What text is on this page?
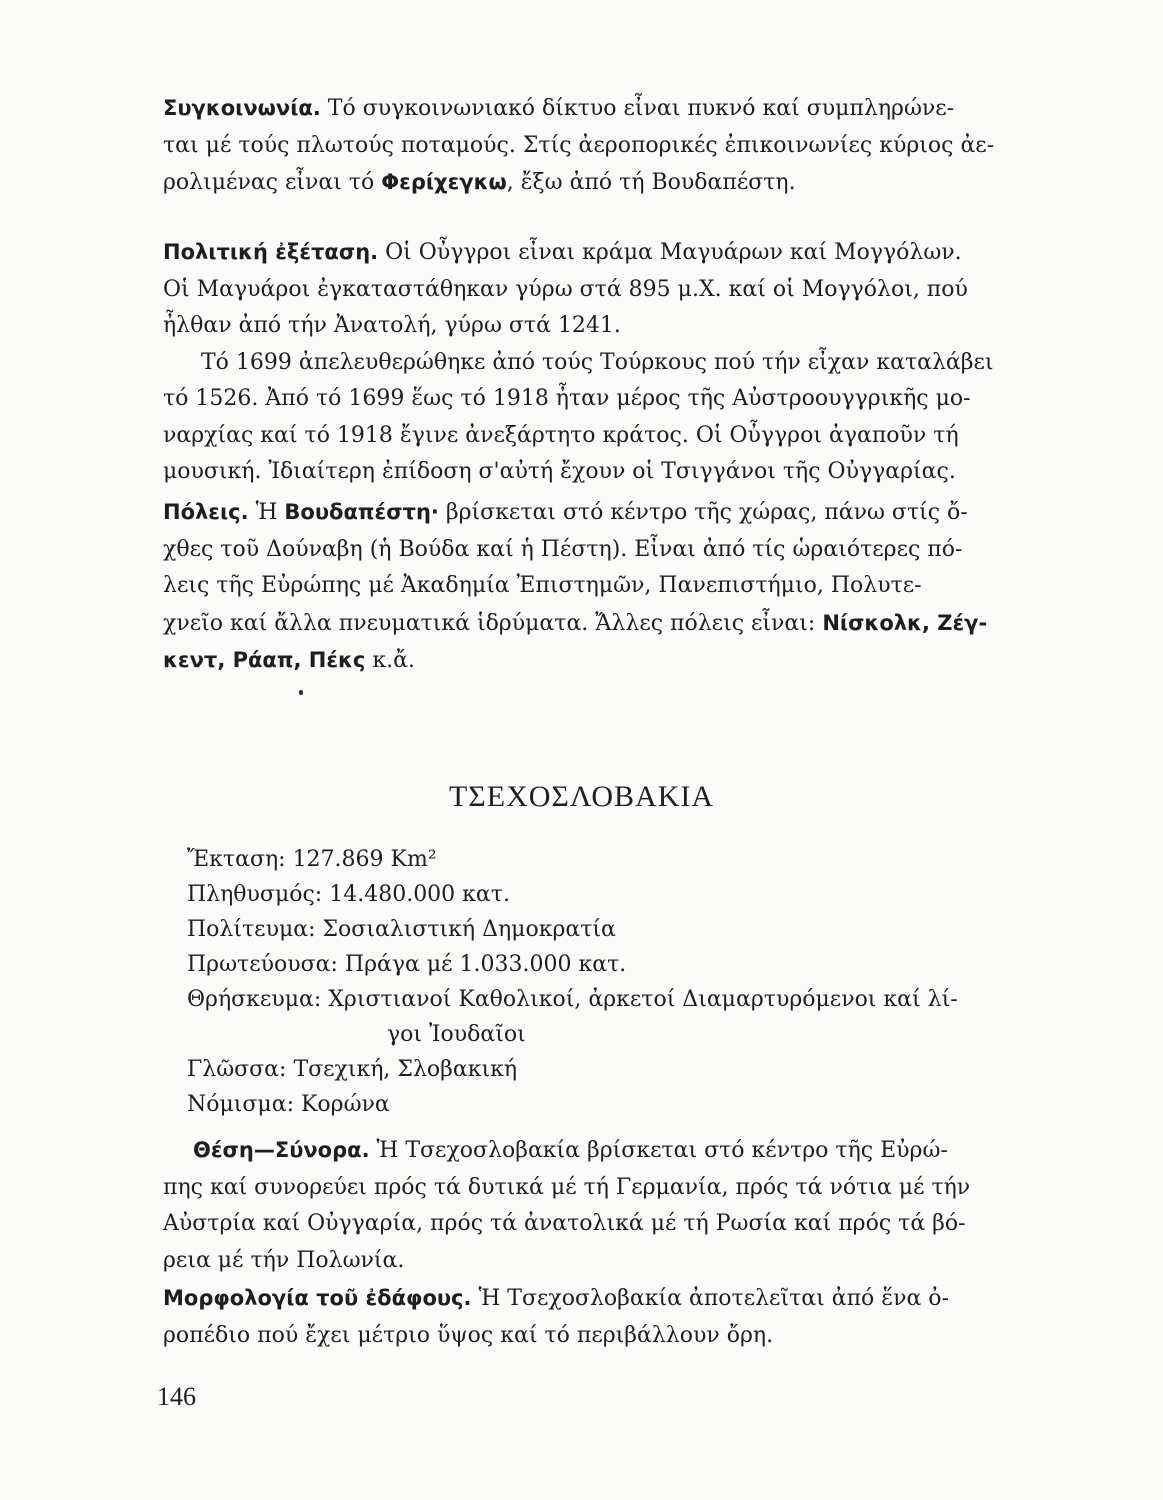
Συγκοινωνία. Τό συγκοινωνιακό δίκτυο εἶναι πυκνό καί συμπληρώνε-
ται μέ τούς πλωτούς ποταμούς. Στίς ἀεροπορικές ἐπικοινωνίες κύριος ἀε-
ρολιμένας εἶναι τό Φερίχεγκω, ἔξω ἀπό τή Βουδαπέστη.
Πολιτική ἐξέταση. Οἱ Οὖγγροι εἶναι κράμα Μαγυάρων καί Μογγόλων.
Οἱ Μαγυάροι ἐγκαταστάθηκαν γύρω στά 895 μ.Χ. καί οἱ Μογγόλοι, πού
ἦλθαν ἀπό τήν Ἀνατολή, γύρω στά 1241.
Τό 1699 ἀπελευθερώθηκε ἀπό τούς Τούρκους πού τήν εἶχαν καταλάβει
τό 1526. Ἀπό τό 1699 ἕως τό 1918 ἦταν μέρος τῆς Αὐστροουγγρικῆς μο-
ναρχίας καί τό 1918 ἔγινε ἀνεξάρτητο κράτος. Οἱ Οὖγγροι ἀγαποῦν τή
μουσική. Ἰδιαίτερη ἐπίδοση σ'αὐτή ἔχουν οἱ Τσιγγάνοι τῆς Οὐγγαρίας.
Πόλεις. Ἡ Βουδαπέστη· βρίσκεται στό κέντρο τῆς χώρας, πάνω στίς ὄ-
χθες τοῦ Δούναβη (ἡ Βούδα καί ἡ Πέστη). Εἶναι ἀπό τίς ὡραιότερες πό-
λεις τῆς Εὐρώπης μέ Ἀκαδημία Ἐπιστημῶν, Πανεπιστήμιο, Πολυτε-
χνεῖο καί ἄλλα πνευματικά ἱδρύματα. Ἄλλες πόλεις εἶναι: Νίσκολκ, Ζέγ-
κεντ, Ράαπ, Πέκς κ.ἄ.
ΤΣΕΧΟΣΛΟΒΑΚΙΑ
Ἔκταση: 127.869 Km²
Πληθυσμός: 14.480.000 κατ.
Πολίτευμα: Σοσιαλιστική Δημοκρατία
Πρωτεύουσα: Πράγα μέ 1.033.000 κατ.
Θρήσκευμα: Χριστιανοί Καθολικοί, ἀρκετοί Διαμαρτυρόμενοι καί λί-
γοι Ἰουδαῖοι
Γλῶσσα: Τσεχική, Σλοβακική
Νόμισμα: Κορώνα
Θέση—Σύνορα. Ἡ Τσεχοσλοβακία βρίσκεται στό κέντρο τῆς Εὐρώ-
πης καί συνορεύει πρός τά δυτικά μέ τή Γερμανία, πρός τά νότια μέ τήν
Αὐστρία καί Οὐγγαρία, πρός τά ἀνατολικά μέ τή Ρωσία καί πρός τά βό-
ρεια μέ τήν Πολωνία.
Μορφολογία τοῦ ἐδάφους. Ἡ Τσεχοσλοβακία ἀποτελεῖται ἀπό ἕνα ὀ-
ροπέδιο πού ἔχει μέτριο ὕψος καί τό περιβάλλουν ὄρη.
146
